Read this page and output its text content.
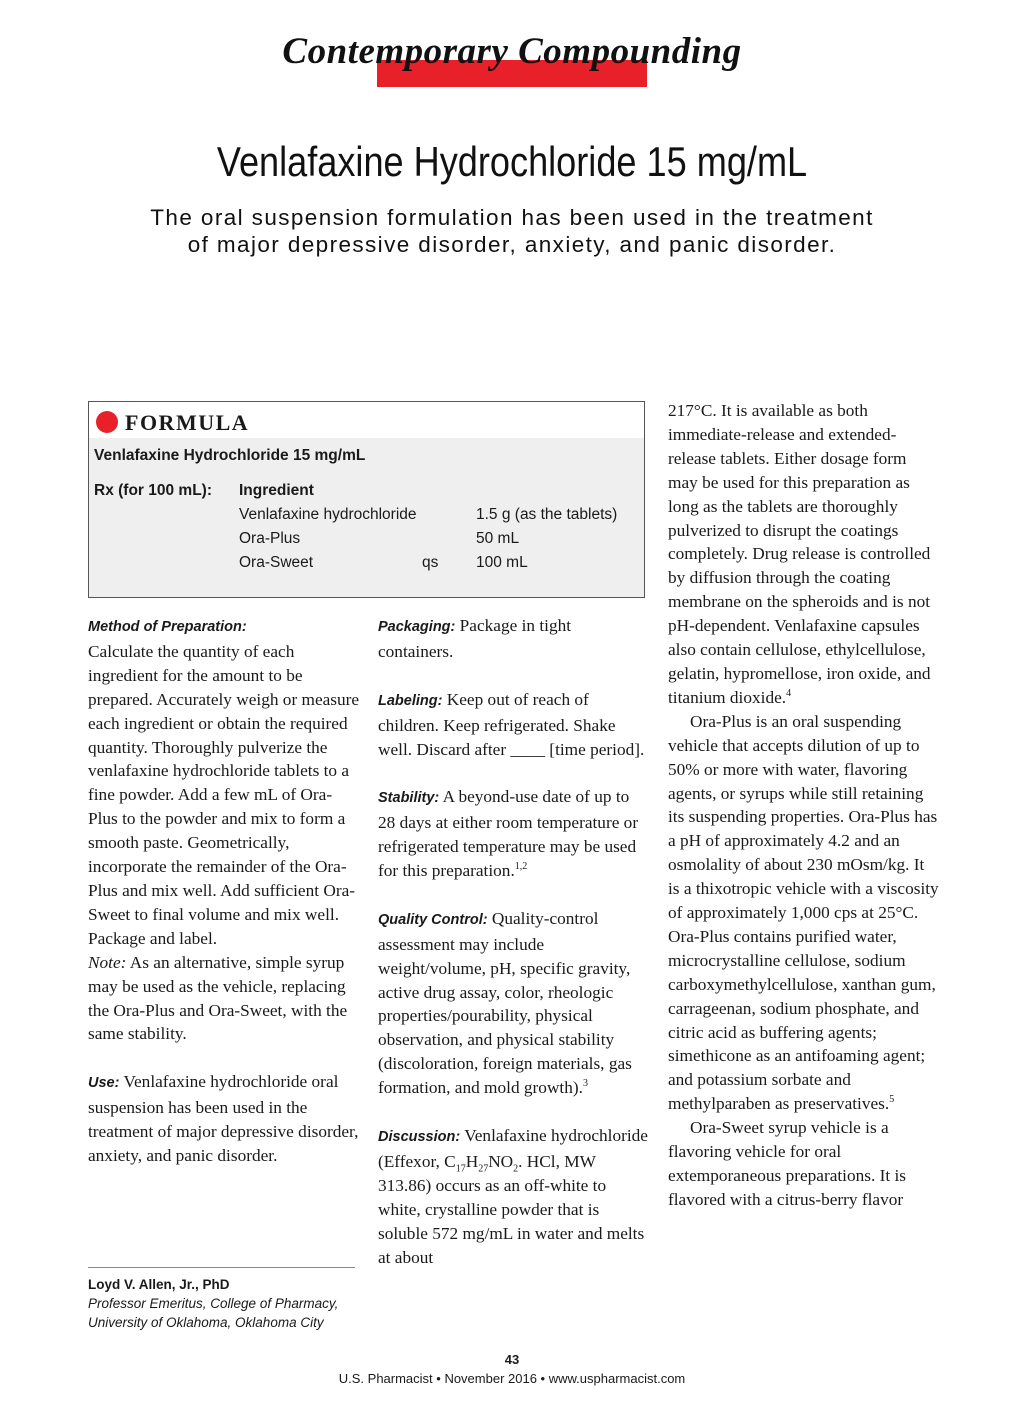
Contemporary Compounding
Venlafaxine Hydrochloride 15 mg/mL
The oral suspension formulation has been used in the treatment of major depressive disorder, anxiety, and panic disorder.
FORMULA
Venlafaxine Hydrochloride 15 mg/mL
Rx (for 100 mL): Ingredient
Venlafaxine hydrochloride	1.5 g (as the tablets)
Ora-Plus	50 mL
Ora-Sweet	qs 100 mL

Method of Preparation:

Calculate the quantity of each ingredient for the amount to be prepared. Accurately weigh or measure each ingredient or obtain the required quantity. Thoroughly pulverize the venlafaxine hydrochloride tablets to a fine powder. Add a few mL of Ora-Plus to the powder and mix to form a smooth paste. Geometrically, incorporate the remainder of the Ora-Plus and mix well. Add sufficient Ora-Sweet to final volume and mix well. Package and label.

Note: As an alternative, simple syrup may be used as the vehicle, replacing the Ora-Plus and Ora-Sweet, with the same stability.

Use: Venlafaxine hydrochloride oral suspension has been used in the treatment of major depressive disorder, anxiety, and panic disorder.

Loyd V. Allen, Jr., PhD
Professor Emeritus, College of Pharmacy,
University of Oklahoma, Oklahoma City

Packaging: Package in tight containers.

Labeling: Keep out of reach of children. Keep refrigerated. Shake well. Discard after ____ [time period].

Stability: A beyond-use date of up to 28 days at either room temperature or refrigerated temperature may be used for this preparation.$^{1,2}$

Quality Control: Quality-control assessment may include weight/volume, pH, specific gravity, active drug assay, color, rheologic properties/pourability, physical observation, and physical stability (discoloration, foreign materials, gas formation, and mold growth).$^3$

Discussion: Venlafaxine hydrochloride (Effexor, $C_{17}H_{27}NO_2$. HCl, MW 313.86) occurs as an off-white to white, crystalline powder that is soluble 572 mg/mL in water and melts at about

217°C. It is available as both immediate-release and extended-release tablets. Either dosage form may be used for this preparation as long as the tablets are thoroughly pulverized to disrupt the coatings completely. Drug release is controlled by diffusion through the coating membrane on the spheroids and is not pH-dependent. Venlafaxine capsules also contain cellulose, ethylcellulose, gelatin, hypromellose, iron oxide, and titanium dioxide.$^4$

Ora-Plus is an oral suspending vehicle that accepts dilution of up to 50% or more with water, flavoring agents, or syrups while still retaining its suspending properties. Ora-Plus has a pH of approximately 4.2 and an osmolality of about 230 mOsm/kg. It is a thixotropic vehicle with a viscosity of approximately 1,000 cps at 25°C. Ora-Plus contains purified water, microcrystalline cellulose, sodium carboxymethylcellulose, xanthan gum, carrageenan, sodium phosphate, and citric acid as buffering agents; simethicone as an antifoaming agent; and potassium sorbate and methylparaben as preservatives.$^5$

Ora-Sweet syrup vehicle is a flavoring vehicle for oral extemporaneous preparations. It is flavored with a citrus-berry flavor

43
U.S. Pharmacist • November 2016 • www.uspharmacist.com
